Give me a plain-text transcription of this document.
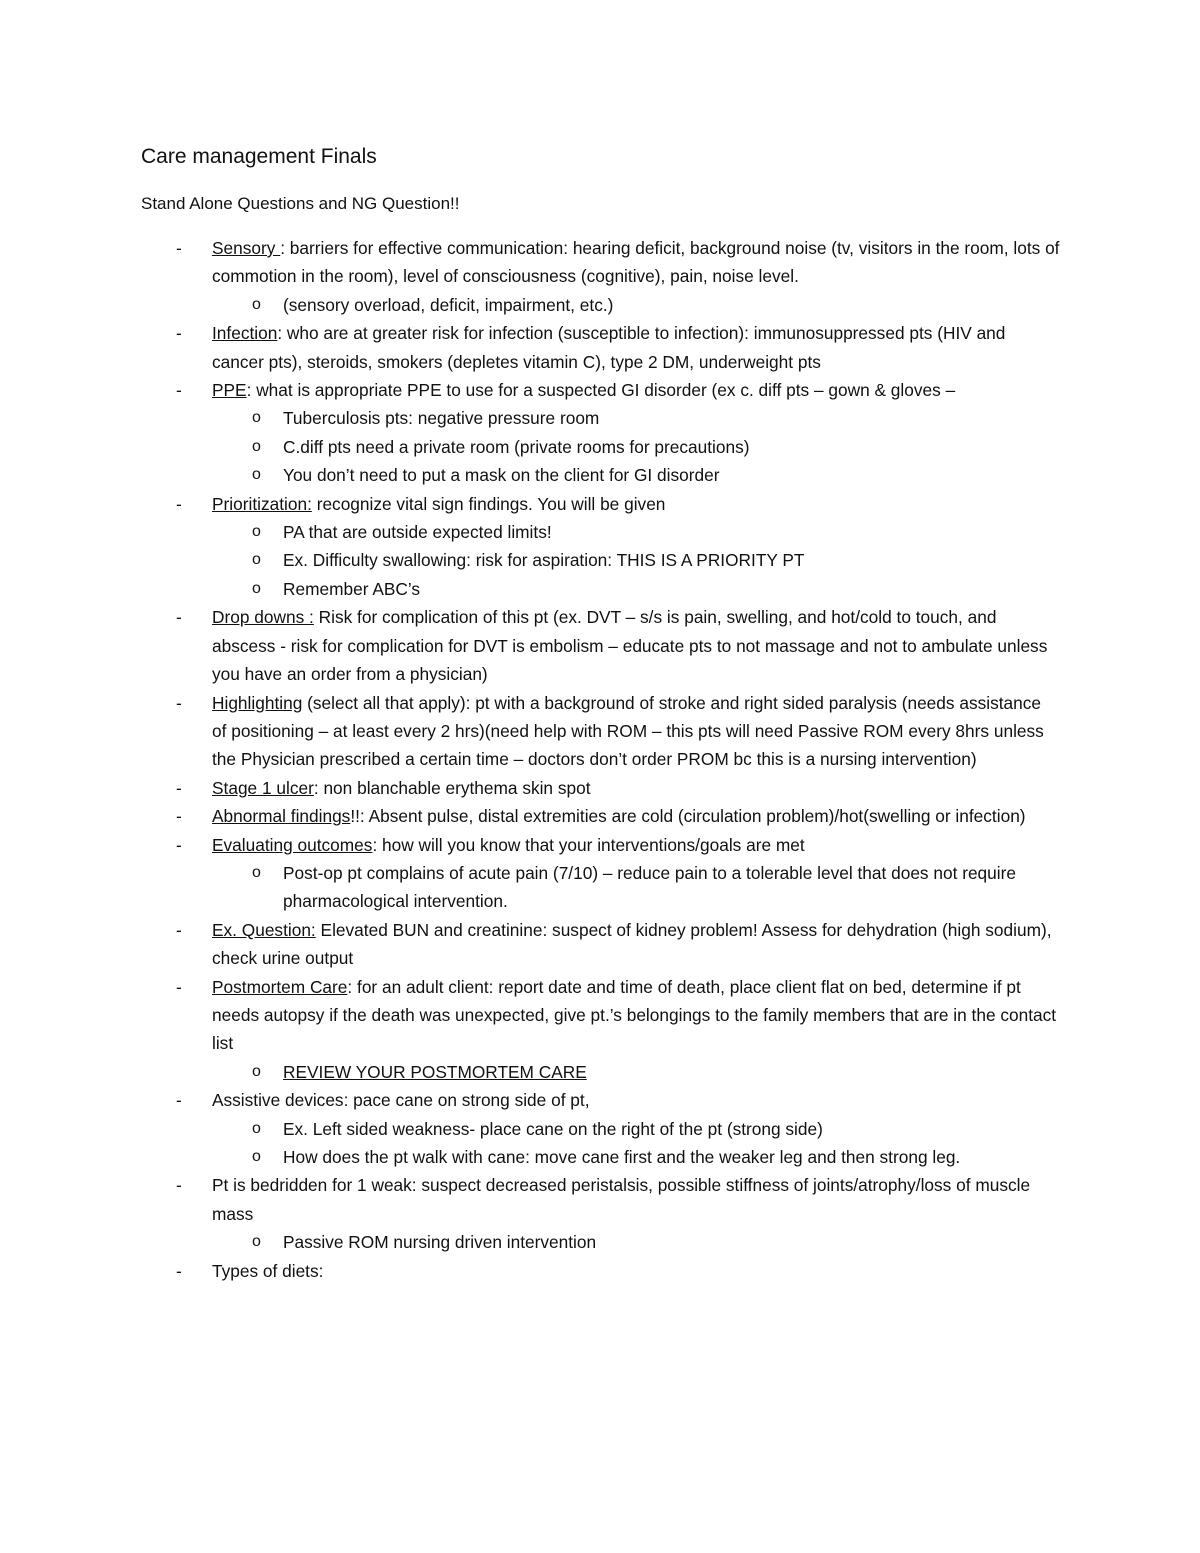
Care management Finals

Stand Alone Questions and NG Question!!

- Sensory : barriers for effective communication: hearing deficit, background noise (tv, visitors in the room, lots of commotion in the room), level of consciousness (cognitive), pain, noise level.
o (sensory overload, deficit, impairment, etc.)
- Infection: who are at greater risk for infection (susceptible to infection): immunosuppressed pts (HIV and cancer pts), steroids, smokers (depletes vitamin C), type 2 DM, underweight pts
- PPE: what is appropriate PPE to use for a suspected GI disorder (ex c. diff pts – gown & gloves –
o Tuberculosis pts: negative pressure room
o C.diff pts need a private room (private rooms for precautions)
o You don’t need to put a mask on the client for GI disorder
- Prioritization: recognize vital sign findings. You will be given
o PA that are outside expected limits!
o Ex. Difficulty swallowing: risk for aspiration: THIS IS A PRIORITY PT
o Remember ABC’s
- Drop downs : Risk for complication of this pt (ex. DVT – s/s is pain, swelling, and hot/cold to touch, and abscess - risk for complication for DVT is embolism – educate pts to not massage and not to ambulate unless you have an order from a physician)
- Highlighting (select all that apply): pt with a background of stroke and right sided paralysis (needs assistance of positioning – at least every 2 hrs)(need help with ROM – this pts will need Passive ROM every 8hrs unless the Physician prescribed a certain time – doctors don’t order PROM bc this is a nursing intervention)
- Stage 1 ulcer: non blanchable erythema skin spot
- Abnormal findings!!: Absent pulse, distal extremities are cold (circulation problem)/hot(swelling or infection)
- Evaluating outcomes: how will you know that your interventions/goals are met
o Post-op pt complains of acute pain (7/10) – reduce pain to a tolerable level that does not require pharmacological intervention.
- Ex. Question: Elevated BUN and creatinine: suspect of kidney problem! Assess for dehydration (high sodium), check urine output
- Postmortem Care: for an adult client: report date and time of death, place client flat on bed, determine if pt needs autopsy if the death was unexpected, give pt.’s belongings to the family members that are in the contact list
o REVIEW YOUR POSTMORTEM CARE
- Assistive devices: pace cane on strong side of pt,
o Ex. Left sided weakness- place cane on the right of the pt (strong side)
o How does the pt walk with cane: move cane first and the weaker leg and then strong leg.
- Pt is bedridden for 1 weak: suspect decreased peristalsis, possible stiffness of joints/atrophy/loss of muscle mass
o Passive ROM nursing driven intervention
- Types of diets:
